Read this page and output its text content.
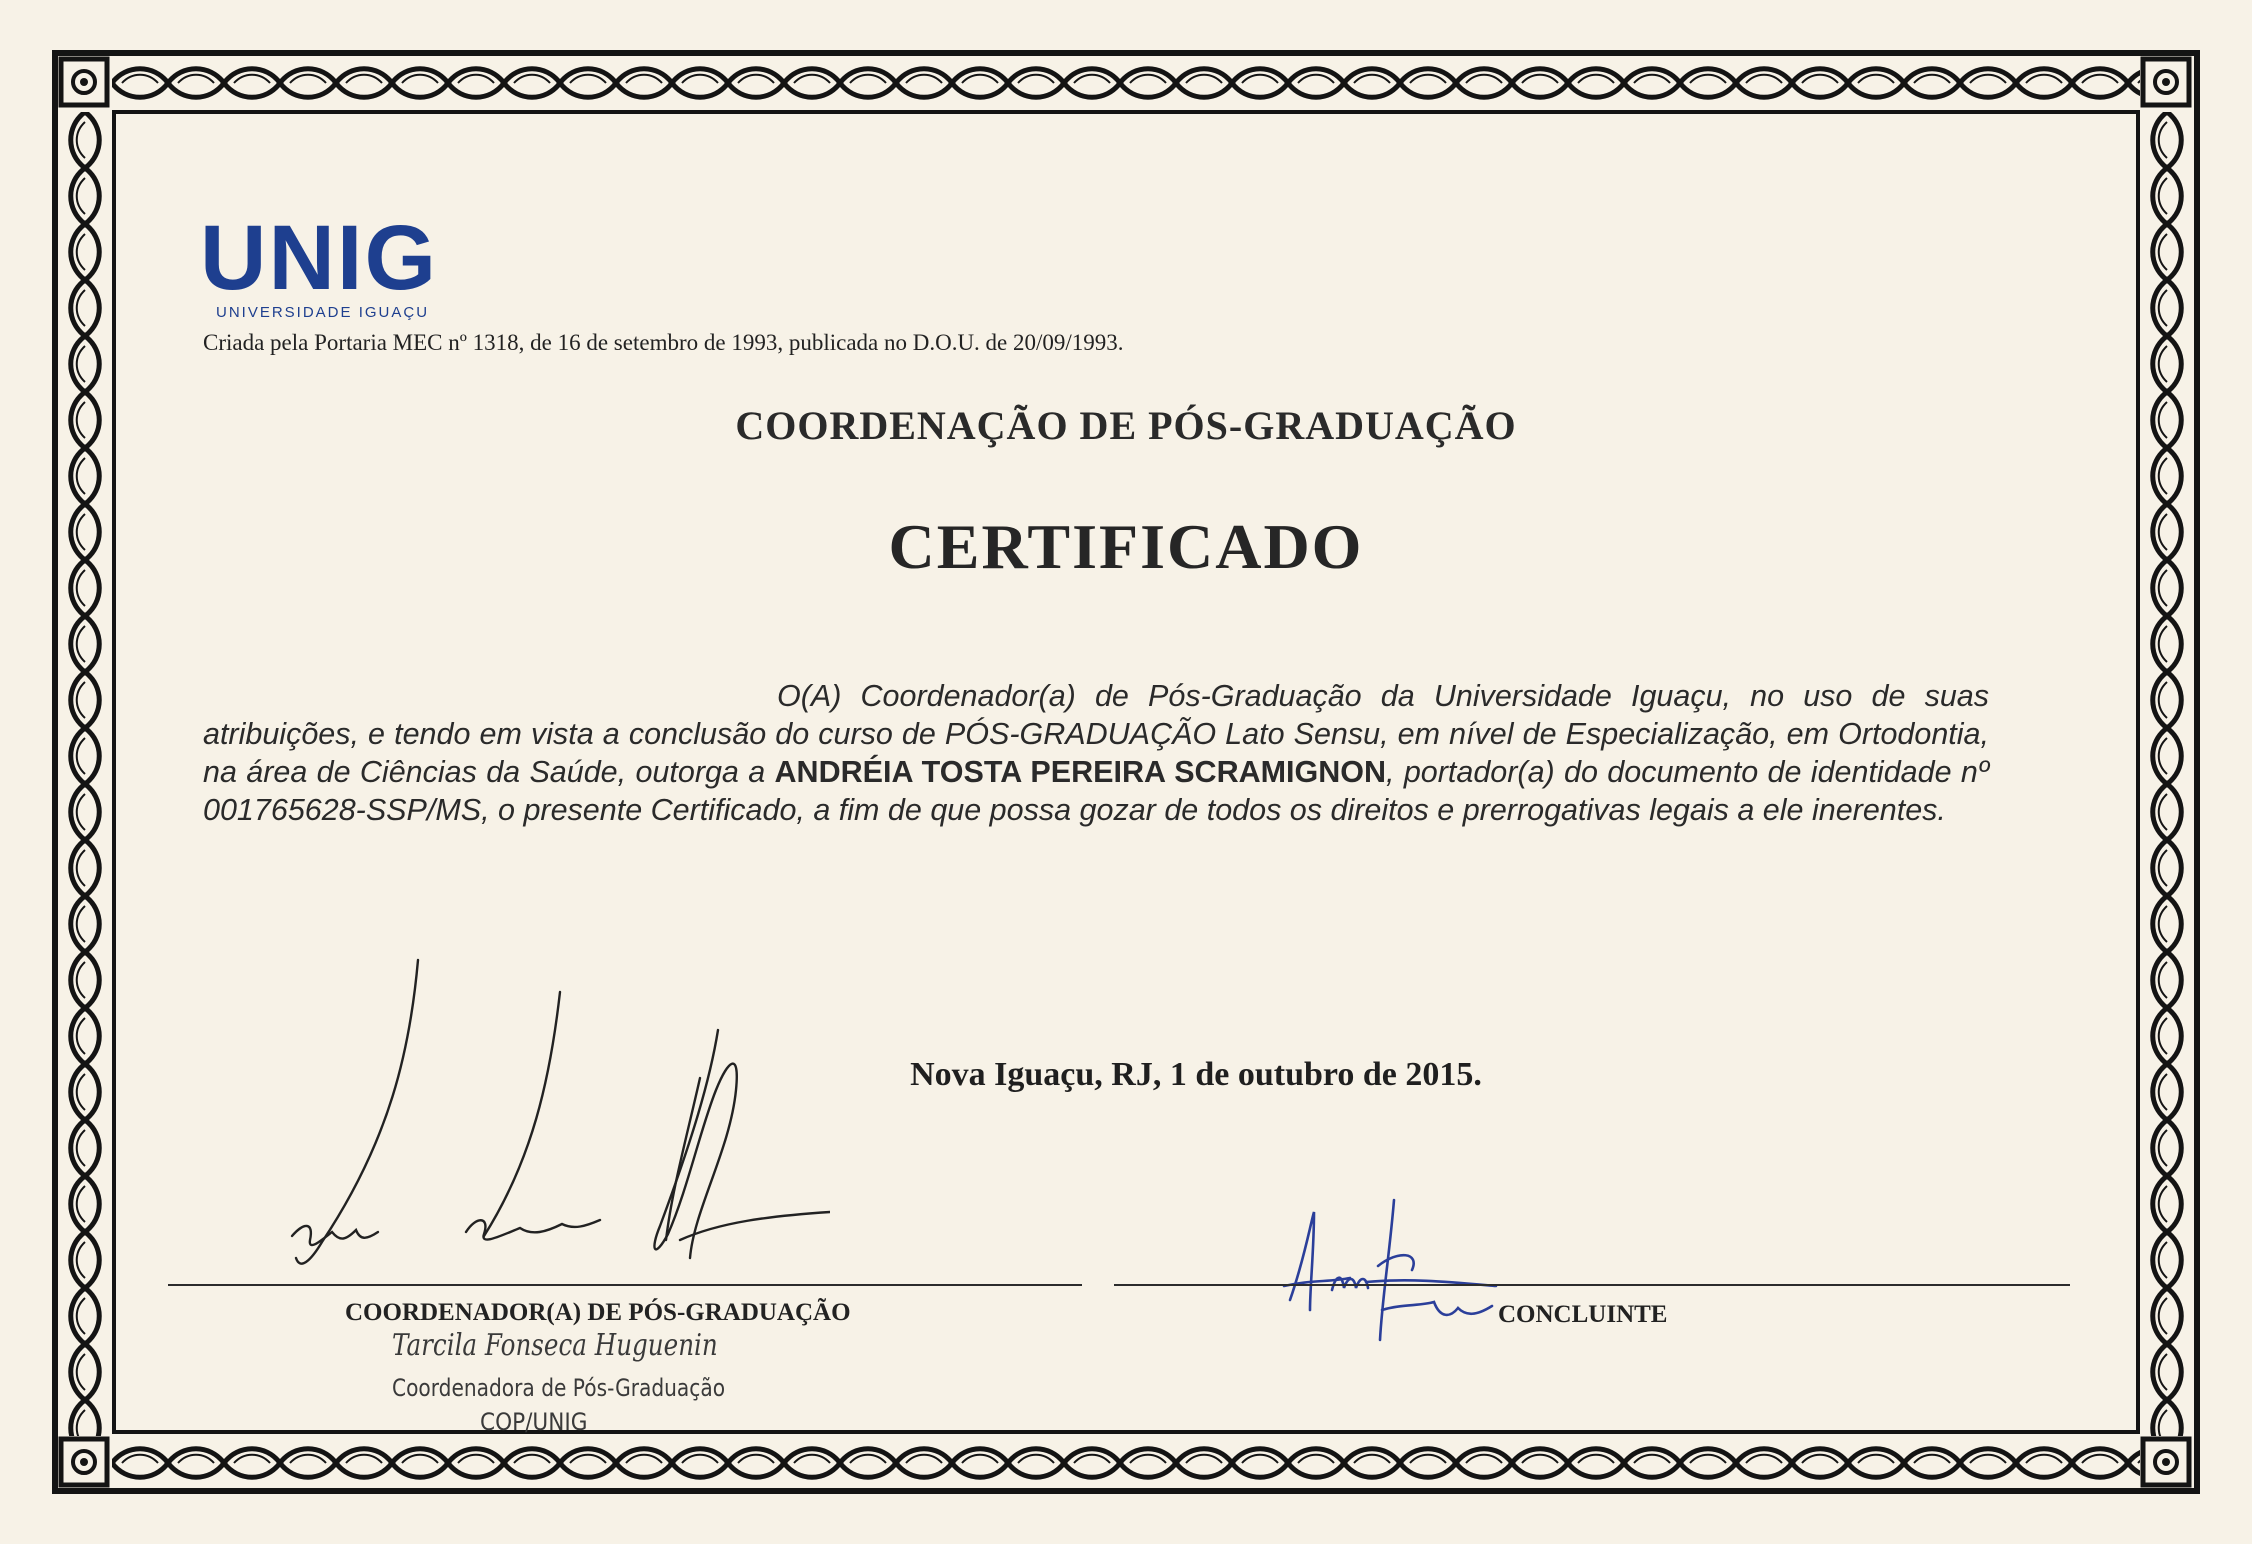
UNIG
UNIVERSIDADE IGUAÇU
Criada pela Portaria MEC nº 1318, de 16 de setembro de 1993, publicada no D.O.U. de 20/09/1993.
COORDENAÇÃO DE PÓS-GRADUAÇÃO
CERTIFICADO

O(A) Coordenador(a) de Pós-Graduação da Universidade Iguaçu, no uso de suas atribuições, e tendo em vista a conclusão do curso de PÓS-GRADUAÇÃO Lato Sensu, em nível de Especialização, em Ortodontia, na área de Ciências da Saúde, outorga a ANDRÉIA TOSTA PEREIRA SCRAMIGNON, portador(a) do documento de identidade nº 001765628-SSP/MS, o presente Certificado, a fim de que possa gozar de todos os direitos e prerrogativas legais a ele inerentes.

Nova Iguaçu, RJ, 1 de outubro de 2015.
COORDENADOR(A) DE PÓS-GRADUAÇÃO	CONCLUINTE
Tarcila Fonseca Huguenin
Coordenadora de Pós-Graduação
COP/UNIG
